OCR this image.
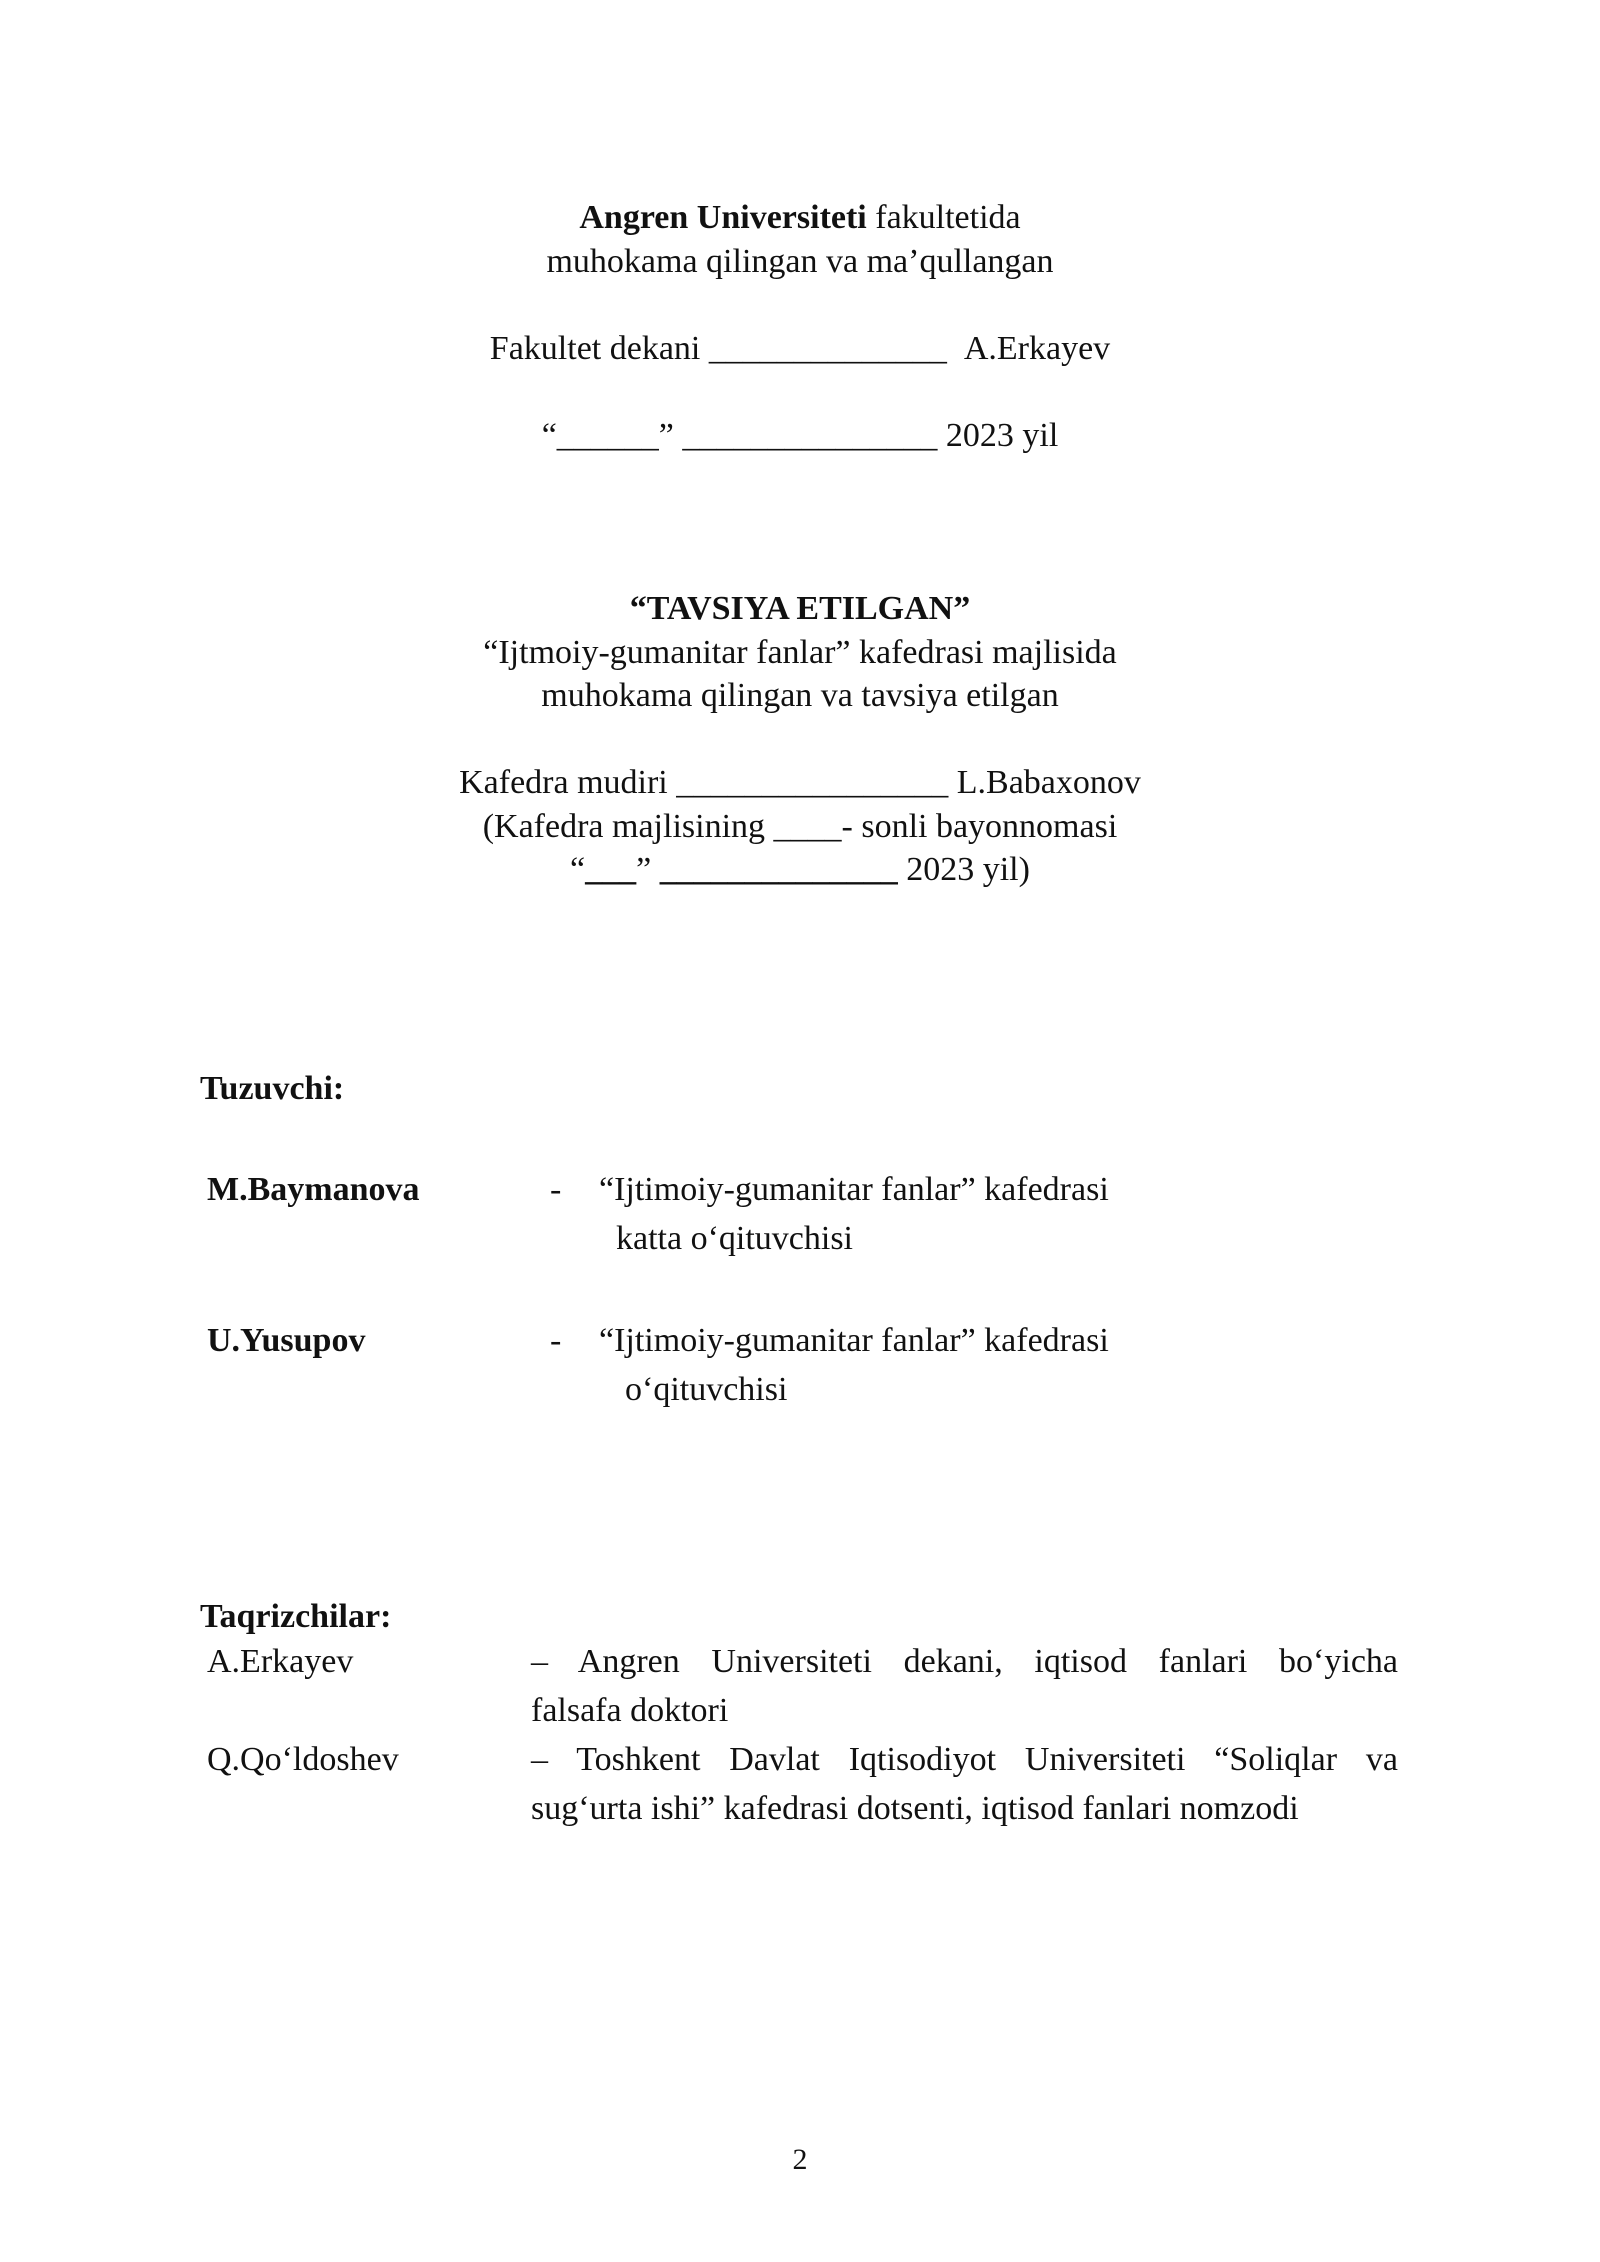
Angren Universiteti fakultetida
muhokama qilingan va ma’qullangan
Fakultet dekani ______________ A.Erkayev
“______” _______________ 2023 yil
“TAVSIYA ETILGAN”
“Ijtmoiy-gumanitar fanlar” kafedrasi majlisida
muhokama qilingan va tavsiya etilgan
Kafedra mudiri ________________ L.Babaxonov
(Kafedra majlisining ____- sonli bayonnomasi
“___” ______________ 2023 yil)
Tuzuvchi:
M.Baymanova	- “Ijtimoiy-gumanitar fanlar” kafedrasi
katta o‘qituvchisi
U.Yusupov	- “Ijtimoiy-gumanitar fanlar” kafedrasi
o‘qituvchisi
Taqrizchilar:
A.Erkayev	– Angren Universiteti dekani, iqtisod fanlari bo‘yicha
falsafa doktori
Q.Qo‘ldoshev	– Toshkent Davlat Iqtisodiyot Universiteti “Soliqlar va
sug‘urta ishi” kafedrasi dotsenti, iqtisod fanlari nomzodi
2
